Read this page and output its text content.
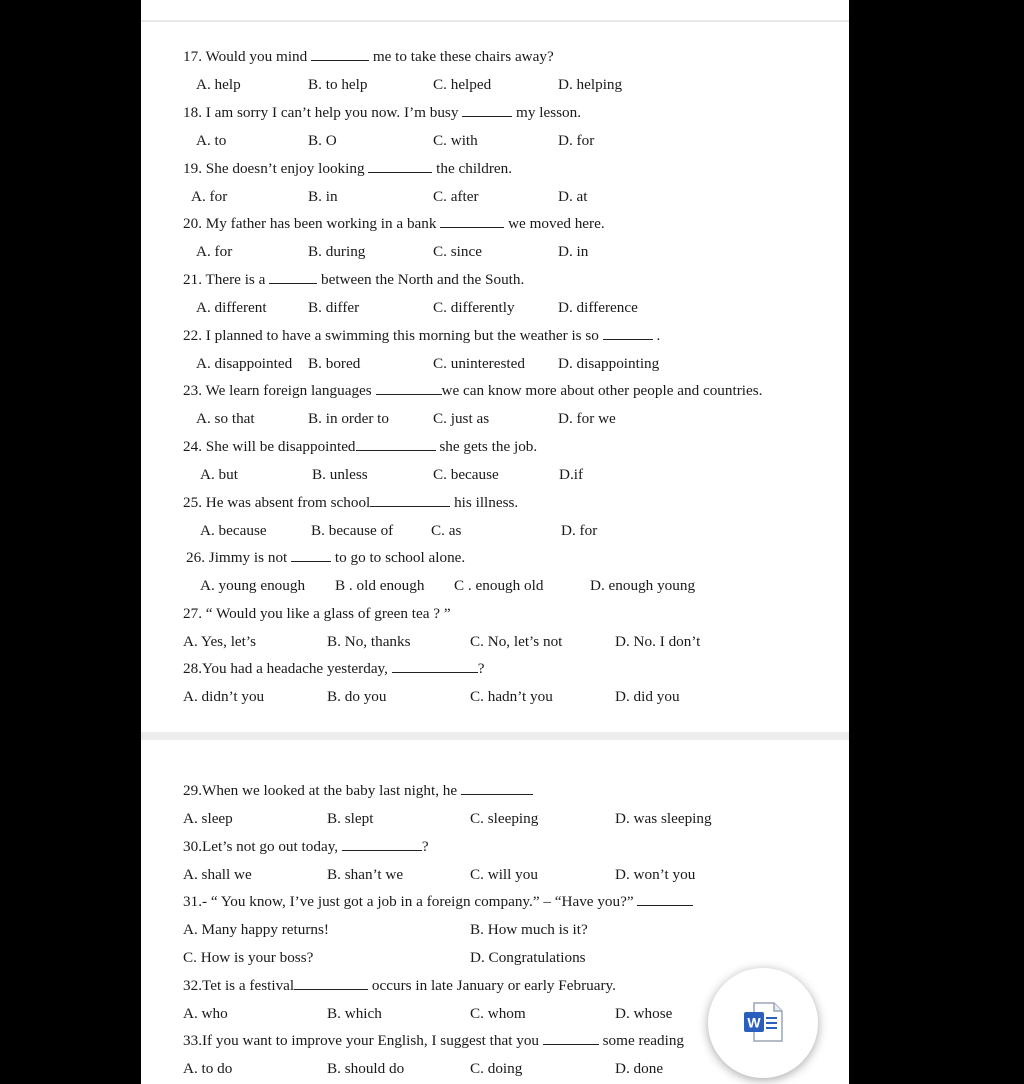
17. Would you mind	me to take these chairs away?
A. help	B. to help	C. helped	D. helping
18. I am sorry I can’t help you now. I’m busy	my lesson.
A. to	B. O	C. with	D. for
19. She doesn’t enjoy looking	the children.
A. for	B. in	C. after	D. at
20. My father has been working in a bank	we moved here.
A. for	B. during	C. since	D. in
21. There is a	between the North and the South.
A. different	B. differ	C. differently	D. difference
22. I planned to have a swimming this morning but the weather is so	.
A. disappointed B. bored	C. uninterested D. disappointing
23. We learn foreign languages	we can know more about other people and countries.
A. so that	B. in order to	C. just as	D. for we
24. She will be disappointed	she gets the job.
A. but	B. unless	C. because	D.if
25. He was absent from school	his illness.
A. because	B. because of C. as	D. for
26. Jimmy is not	to go to school alone.
A. young enough B . old enough C . enough old	D. enough young
27. “ Would you like a glass of green tea ? ”
A. Yes, let’s	B. No, thanks	C. No, let’s not	D. No. I don’t
28.You had a headache yesterday,	?
A. didn’t you	B. do you	C. hadn’t you	D. did you
29.When we looked at the baby last night, he
A. sleep	B. slept	C. sleeping	D. was sleeping
30.Let’s not go out today,	?
A. shall we	B. shan’t we	C. will you	D. won’t you
31.- “ You know, I’ve just got a job in a foreign company.” – “Have you?”
A. Many happy returns!	B. How much is it?
C. How is your boss?	D. Congratulations
32.Tet is a festival	occurs in late January or early February.
A. who	B. which	C. whom	D. whose
33.If you want to improve your English, I suggest that you	some reading
A. to do	B. should do	C. doing	D. done
W
